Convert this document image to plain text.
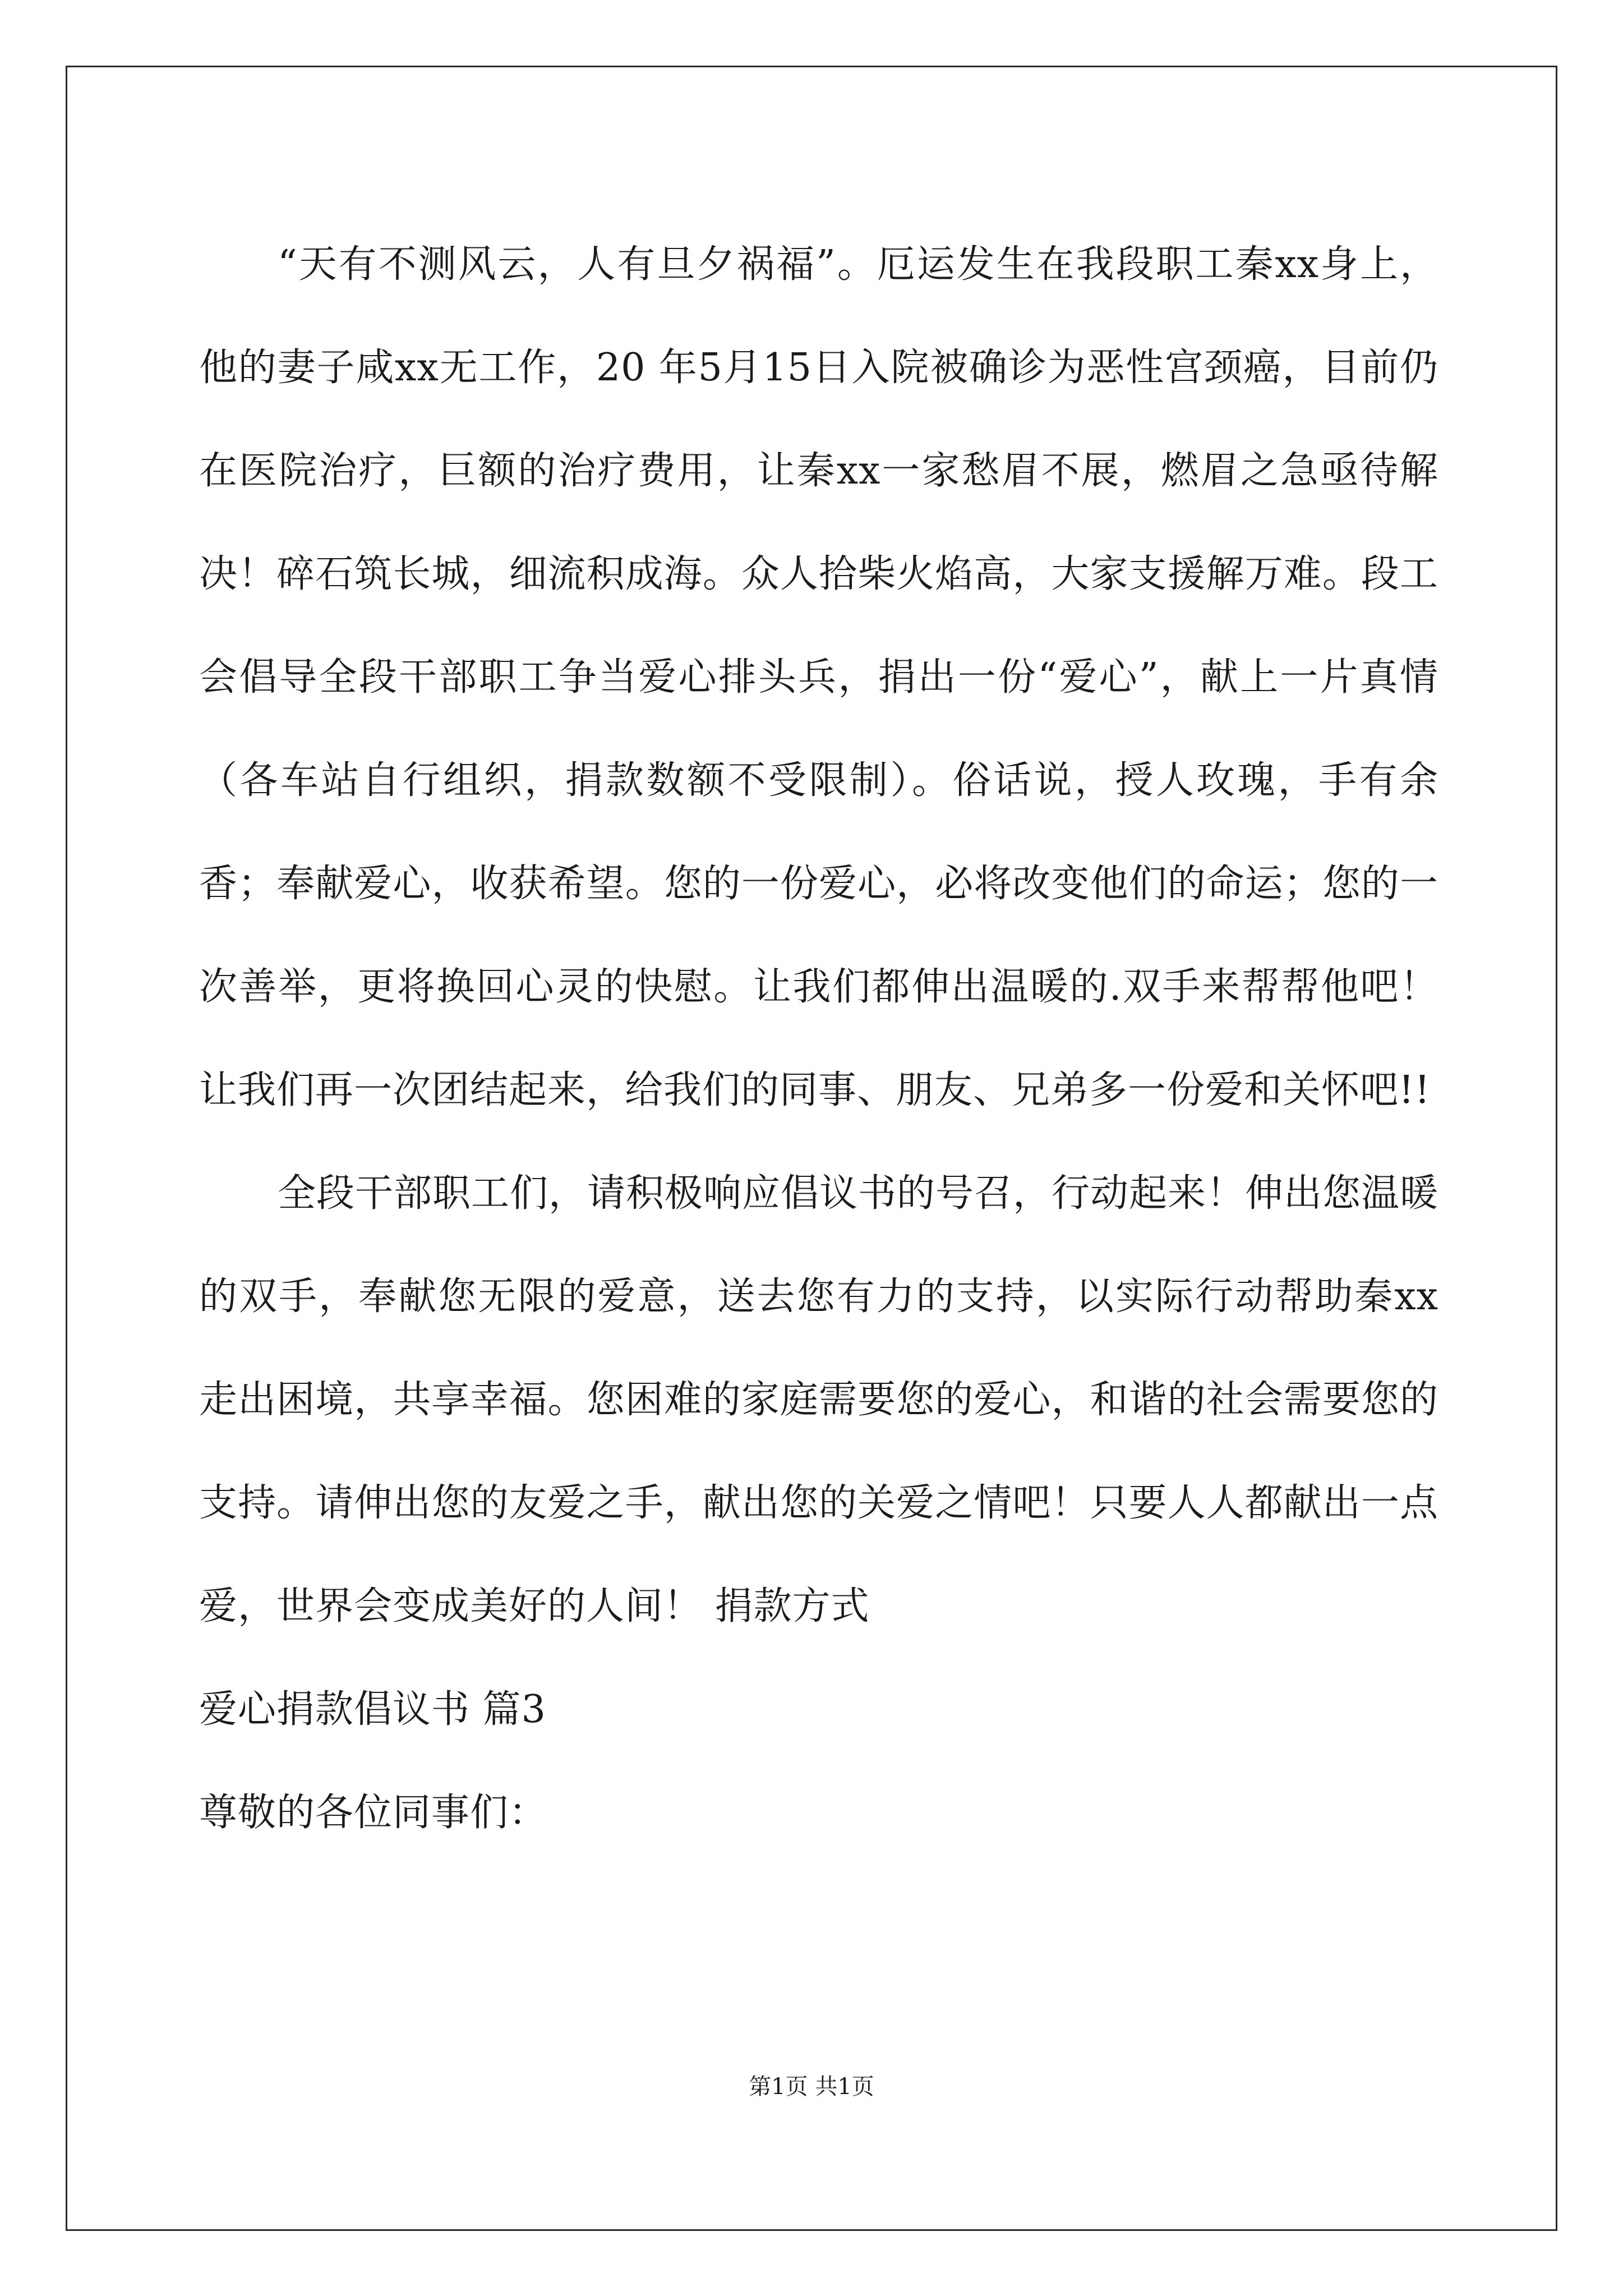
“天有不测风云，人有旦夕祸福”。厄运发生在我段职工秦xx身上，他的妻子咸xx无工作，20 年5月15日入院被确诊为恶性宫颈癌，目前仍在医院治疗，巨额的治疗费用，让秦xx一家愁眉不展，燃眉之急亟待解决！碎石筑长城，细流积成海。众人拾柴火焰高，大家支援解万难。段工会倡导全段干部职工争当爱心排头兵，捐出一份“爱心”，献上一片真情（各车站自行组织，捐款数额不受限制）。俗话说，授人玫瑰，手有余香；奉献爱心，收获希望。您的一份爱心，必将改变他们的命运；您的一次善举，更将换回心灵的快慰。让我们都伸出温暖的.双手来帮帮他吧！让我们再一次团结起来，给我们的同事、朋友、兄弟多一份爱和关怀吧!!

全段干部职工们，请积极响应倡议书的号召，行动起来！伸出您温暖的双手，奉献您无限的爱意，送去您有力的支持，以实际行动帮助秦xx走出困境，共享幸福。您困难的家庭需要您的爱心，和谐的社会需要您的支持。请伸出您的友爱之手，献出您的关爱之情吧！只要人人都献出一点爱，世界会变成美好的人间！ 捐款方式

爱心捐款倡议书 篇3

尊敬的各位同事们：

第1页 共1页
